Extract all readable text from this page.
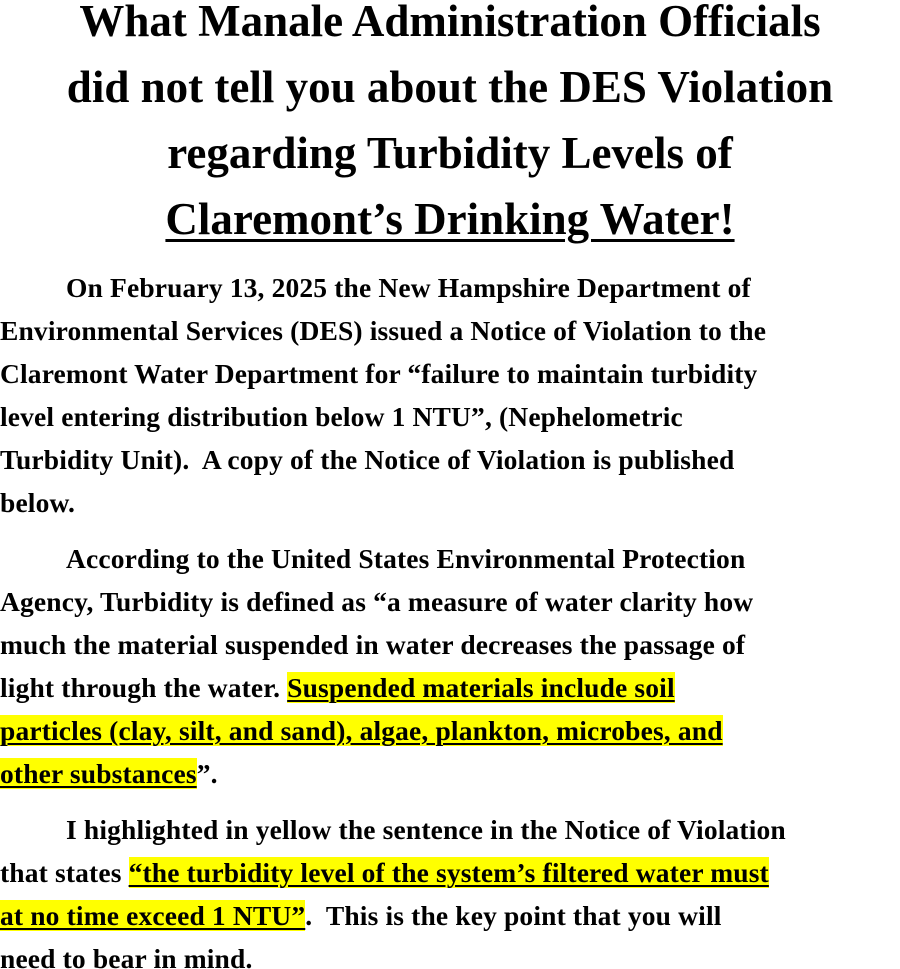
What Manale Administration Officials
did not tell you about the DES Violation
regarding Turbidity Levels of
Claremont’s Drinking Water!
On February 13, 2025 the New Hampshire Department of
Environmental Services (DES) issued a Notice of Violation to the
Claremont Water Department for “failure to maintain turbidity
level entering distribution below 1 NTU”, (Nephelometric
Turbidity Unit).  A copy of the Notice of Violation is published
below.
According to the United States Environmental Protection
Agency, Turbidity is defined as “a measure of water clarity how
much the material suspended in water decreases the passage of
light through the water. Suspended materials include soil
particles (clay, silt, and sand), algae, plankton, microbes, and
other substances”.
I highlighted in yellow the sentence in the Notice of Violation
that states “the turbidity level of the system’s filtered water must
at no time exceed 1 NTU”.  This is the key point that you will
need to bear in mind.
